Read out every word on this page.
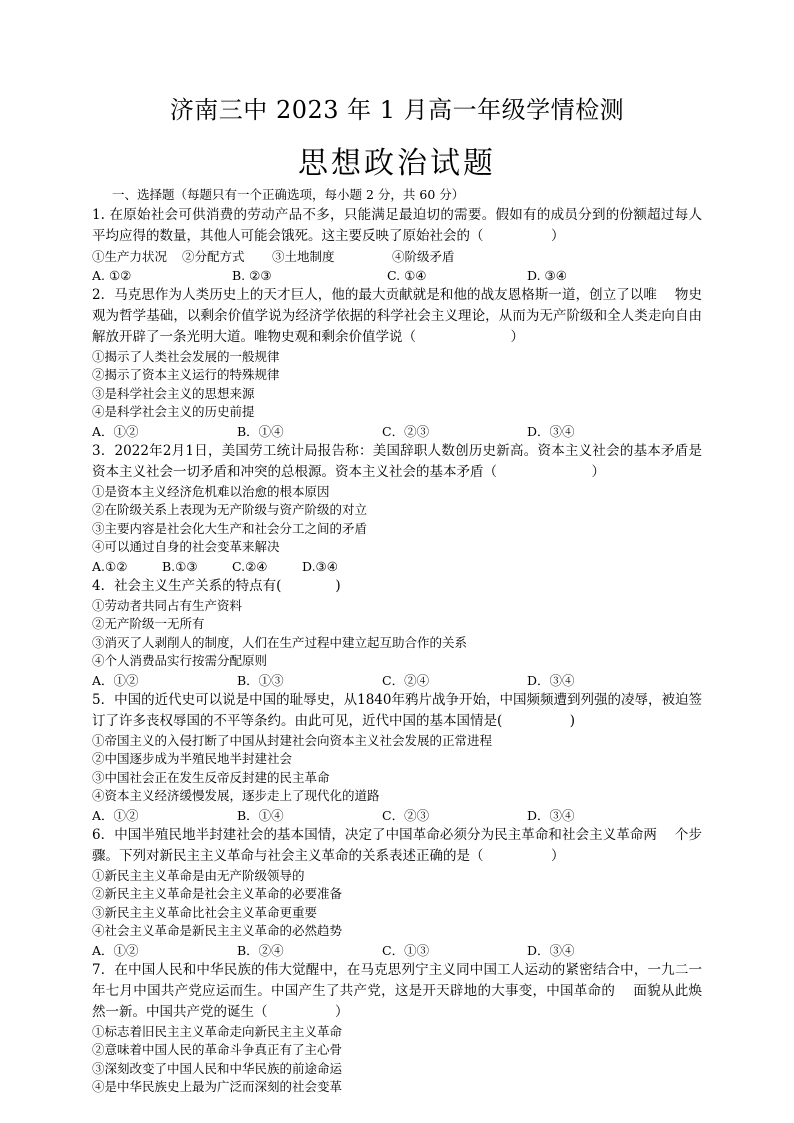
济南三中 2023 年 1 月高一年级学情检测
思想政治试题
一、选择题（每题只有一个正确选项，每小题 2 分，共 60 分）
1. 在原始社会可供消费的劳动产品不多，只能满足最迫切的需要。假如有的成员分到的份额超过每人平均应得的数量，其他人可能会饿死。这主要反映了原始社会的（　　　　　）
①生产力状况	②分配方式	③土地制度	④阶级矛盾
A. ①②	B. ②③	C. ①④	D. ③④
2．马克思作为人类历史上的天才巨人，他的最大贡献就是和他的战友恩格斯一道，创立了以唯　 物史观为哲学基础，以剩余价值学说为经济学依据的科学社会主义理论，从而为无产阶级和全人类走向自由解放开辟了一条光明大道。唯物史观和剩余价值学说（　　　　　　　）
①揭示了人类社会发展的一般规律
②揭示了资本主义运行的特殊规律
③是科学社会主义的思想来源
④是科学社会主义的历史前提
A．①②	B．①④	C．②③	D．③④
3．2022年2月1日，美国劳工统计局报告称：美国辞职人数创历史新高。资本主义社会的基本矛盾是资本主义社会一切矛盾和冲突的总根源。资本主义社会的基本矛盾（　　　　　　　）
①是资本主义经济危机难以治愈的根本原因
②在阶级关系上表现为无产阶级与资产阶级的对立
③主要内容是社会化大生产和社会分工之间的矛盾
④可以通过自身的社会变革来解决
A.①②	B.①③	C.②④	D.③④
4．社会主义生产关系的特点有(　　　　)
①劳动者共同占有生产资料
②无产阶级一无所有
③消灭了人剥削人的制度，人们在生产过程中建立起互助合作的关系
④个人消费品实行按需分配原则
A．①②	B．①③	C．②④	D．③④
5．中国的近代史可以说是中国的耻辱史，从1840年鸦片战争开始，中国频频遭到列强的凌辱，被迫签订了许多丧权辱国的不平等条约。由此可见，近代中国的基本国情是(　　　　　)
①帝国主义的入侵打断了中国从封建社会向资本主义社会发展的正常进程
②中国逐步成为半殖民地半封建社会
③中国社会正在发生反帝反封建的民主革命
④资本主义经济缓慢发展，逐步走上了现代化的道路
A．①②	B．①④	C．②③	D．③④
6．中国半殖民地半封建社会的基本国情，决定了中国革命必须分为民主革命和社会主义革命两　 个步骤。下列对新民主主义革命与社会主义革命的关系表述正确的是（　　　　　）
①新民主主义革命是由无产阶级领导的
②新民主主义革命是社会主义革命的必要准备
③新民主主义革命比社会主义革命更重要
④社会主义革命是新民主主义革命的必然趋势
A．①②	B．②④	C．①③	D．③④
7．在中国人民和中华民族的伟大觉醒中，在马克思列宁主义同中国工人运动的紧密结合中，一九二一年七月中国共产党应运而生。中国产生了共产党，这是开天辟地的大事变，中国革命的　 面貌从此焕然一新。中国共产党的诞生（　　　　　）
①标志着旧民主主义革命走向新民主主义革命
②意味着中国人民的革命斗争真正有了主心骨
③深刻改变了中国人民和中华民族的前途命运
④是中华民族史上最为广泛而深刻的社会变革
